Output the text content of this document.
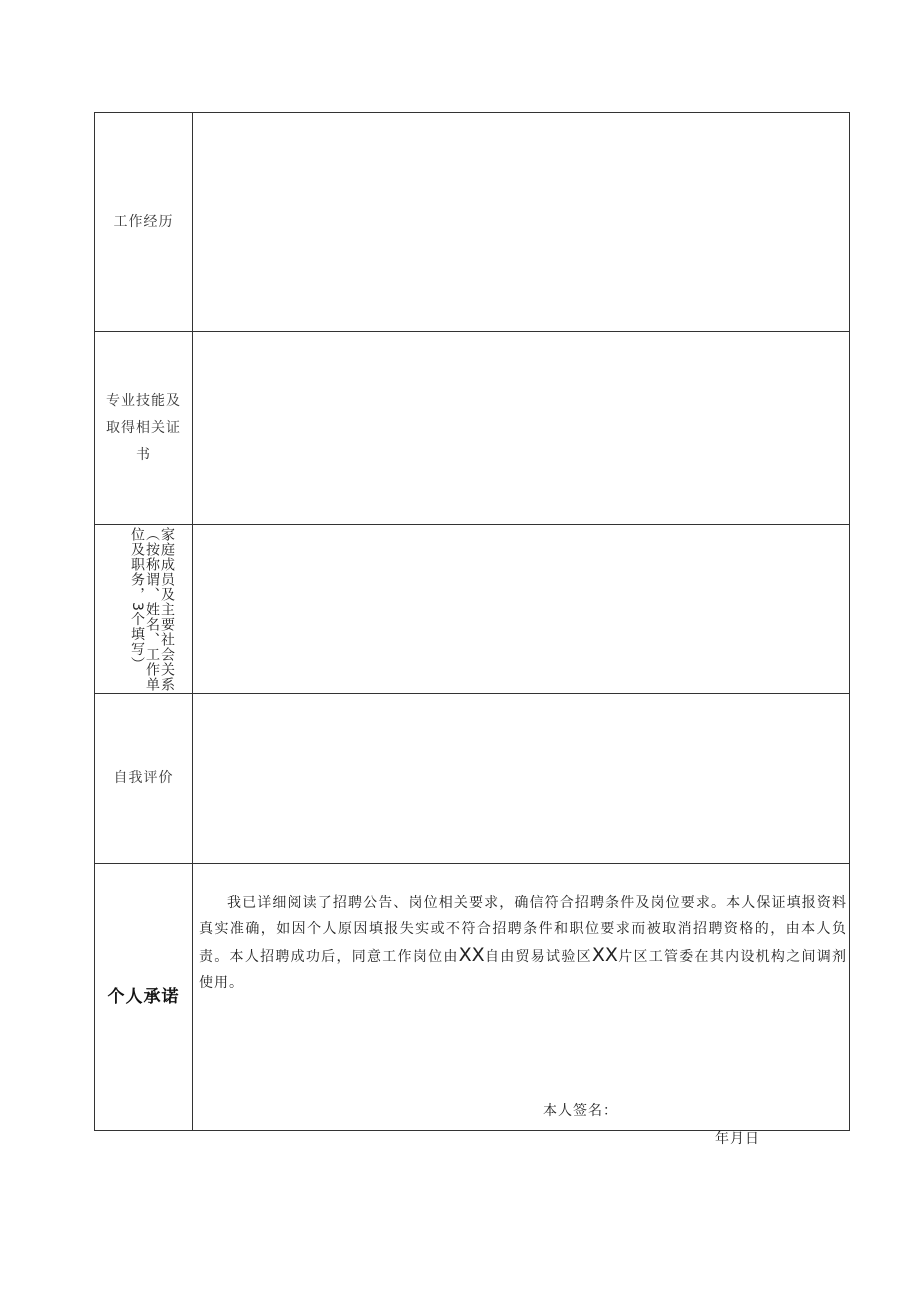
工作经历	

专业技能及取得相关证书	

家庭成员及主要社会关系（按称谓、姓名、工作单位及职务，3个填写）	

自我评价	

个人承诺	我已详细阅读了招聘公告、岗位相关要求，确信符合招聘条件及岗位要求。本人保证填报资料真实准确，如因个人原因填报失实或不符合招聘条件和职位要求而被取消招聘资格的，由本人负责。本人招聘成功后，同意工作岗位由XX自由贸易试验区XX片区工管委在其内设机构之间调剂使用。

本人签名：
年月日
